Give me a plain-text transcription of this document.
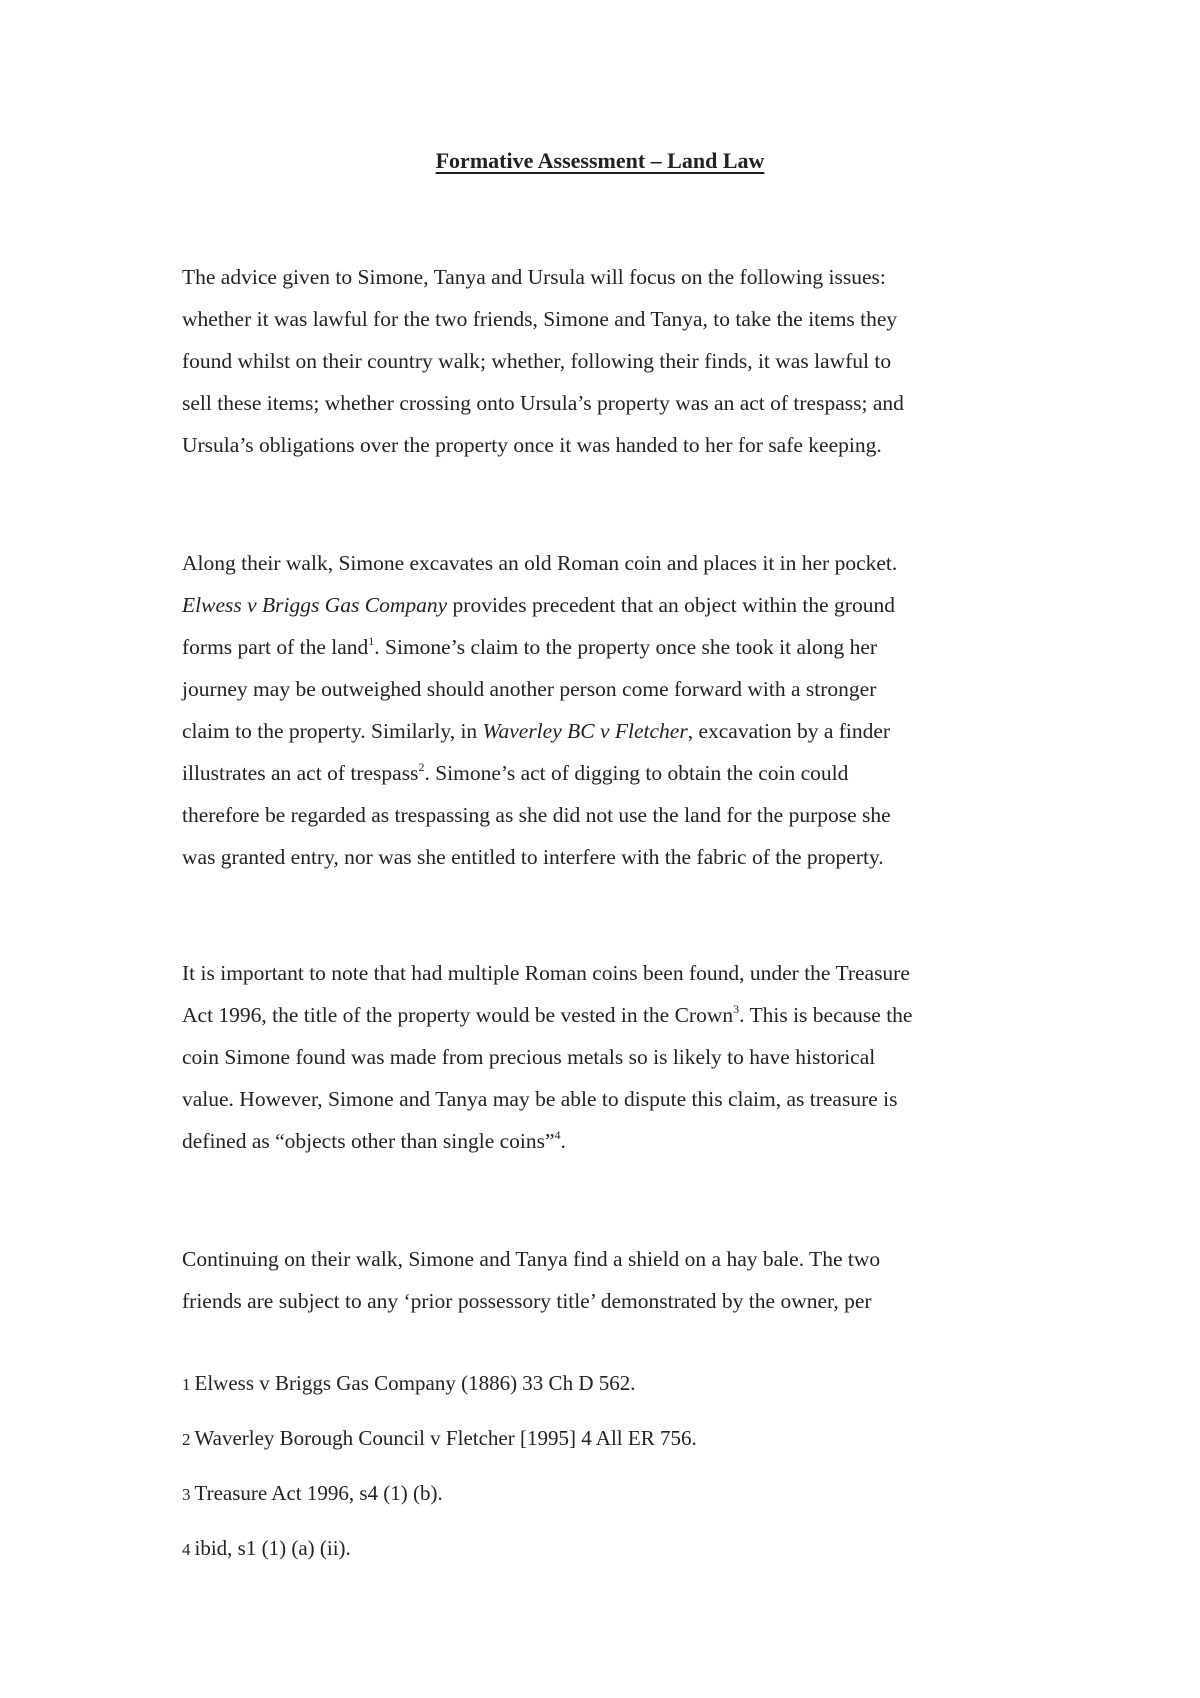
Formative Assessment – Land Law

The advice given to Simone, Tanya and Ursula will focus on the following issues:
whether it was lawful for the two friends, Simone and Tanya, to take the items they
found whilst on their country walk; whether, following their finds, it was lawful to
sell these items; whether crossing onto Ursula’s property was an act of trespass; and
Ursula’s obligations over the property once it was handed to her for safe keeping.

Along their walk, Simone excavates an old Roman coin and places it in her pocket.
Elwess v Briggs Gas Company provides precedent that an object within the ground
forms part of the land$^1$. Simone’s claim to the property once she took it along her
journey may be outweighed should another person come forward with a stronger
claim to the property. Similarly, in Waverley BC v Fletcher, excavation by a finder
illustrates an act of trespass$^2$. Simone’s act of digging to obtain the coin could
therefore be regarded as trespassing as she did not use the land for the purpose she
was granted entry, nor was she entitled to interfere with the fabric of the property.

It is important to note that had multiple Roman coins been found, under the Treasure
Act 1996, the title of the property would be vested in the Crown$^3$. This is because the
coin Simone found was made from precious metals so is likely to have historical
value. However, Simone and Tanya may be able to dispute this claim, as treasure is
defined as “objects other than single coins”$^4$.

Continuing on their walk, Simone and Tanya find a shield on a hay bale. The two
friends are subject to any ‘prior possessory title’ demonstrated by the owner, per

1 Elwess v Briggs Gas Company (1886) 33 Ch D 562.
2 Waverley Borough Council v Fletcher [1995] 4 All ER 756.
3 Treasure Act 1996, s4 (1) (b).
4 ibid, s1 (1) (a) (ii).
